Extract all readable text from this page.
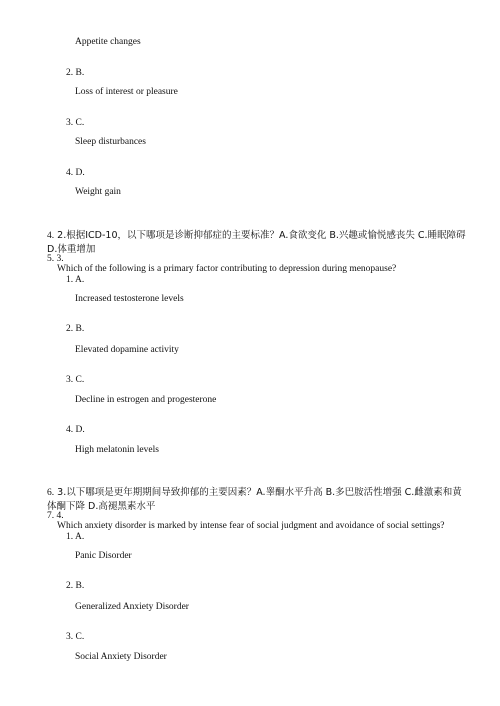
Appetite changes
2. B.
Loss of interest or pleasure
3. C.
Sleep disturbances
4. D.
Weight gain
4. 2.根据ICD-10，以下哪项是诊断抑郁症的主要标准？A.食欲变化 B.兴趣或愉悦感丧失 C.睡眠障碍 D.体重增加
5. 3.
Which of the following is a primary factor contributing to depression during menopause?
1. A.
Increased testosterone levels
2. B.
Elevated dopamine activity
3. C.
Decline in estrogen and progesterone
4. D.
High melatonin levels
6. 3.以下哪项是更年期期间导致抑郁的主要因素？A.睾酮水平升高 B.多巴胺活性增强 C.雌激素和黄体酮下降 D.高褪黑素水平
7. 4.
Which anxiety disorder is marked by intense fear of social judgment and avoidance of social settings?
1. A.
Panic Disorder
2. B.
Generalized Anxiety Disorder
3. C.
Social Anxiety Disorder
